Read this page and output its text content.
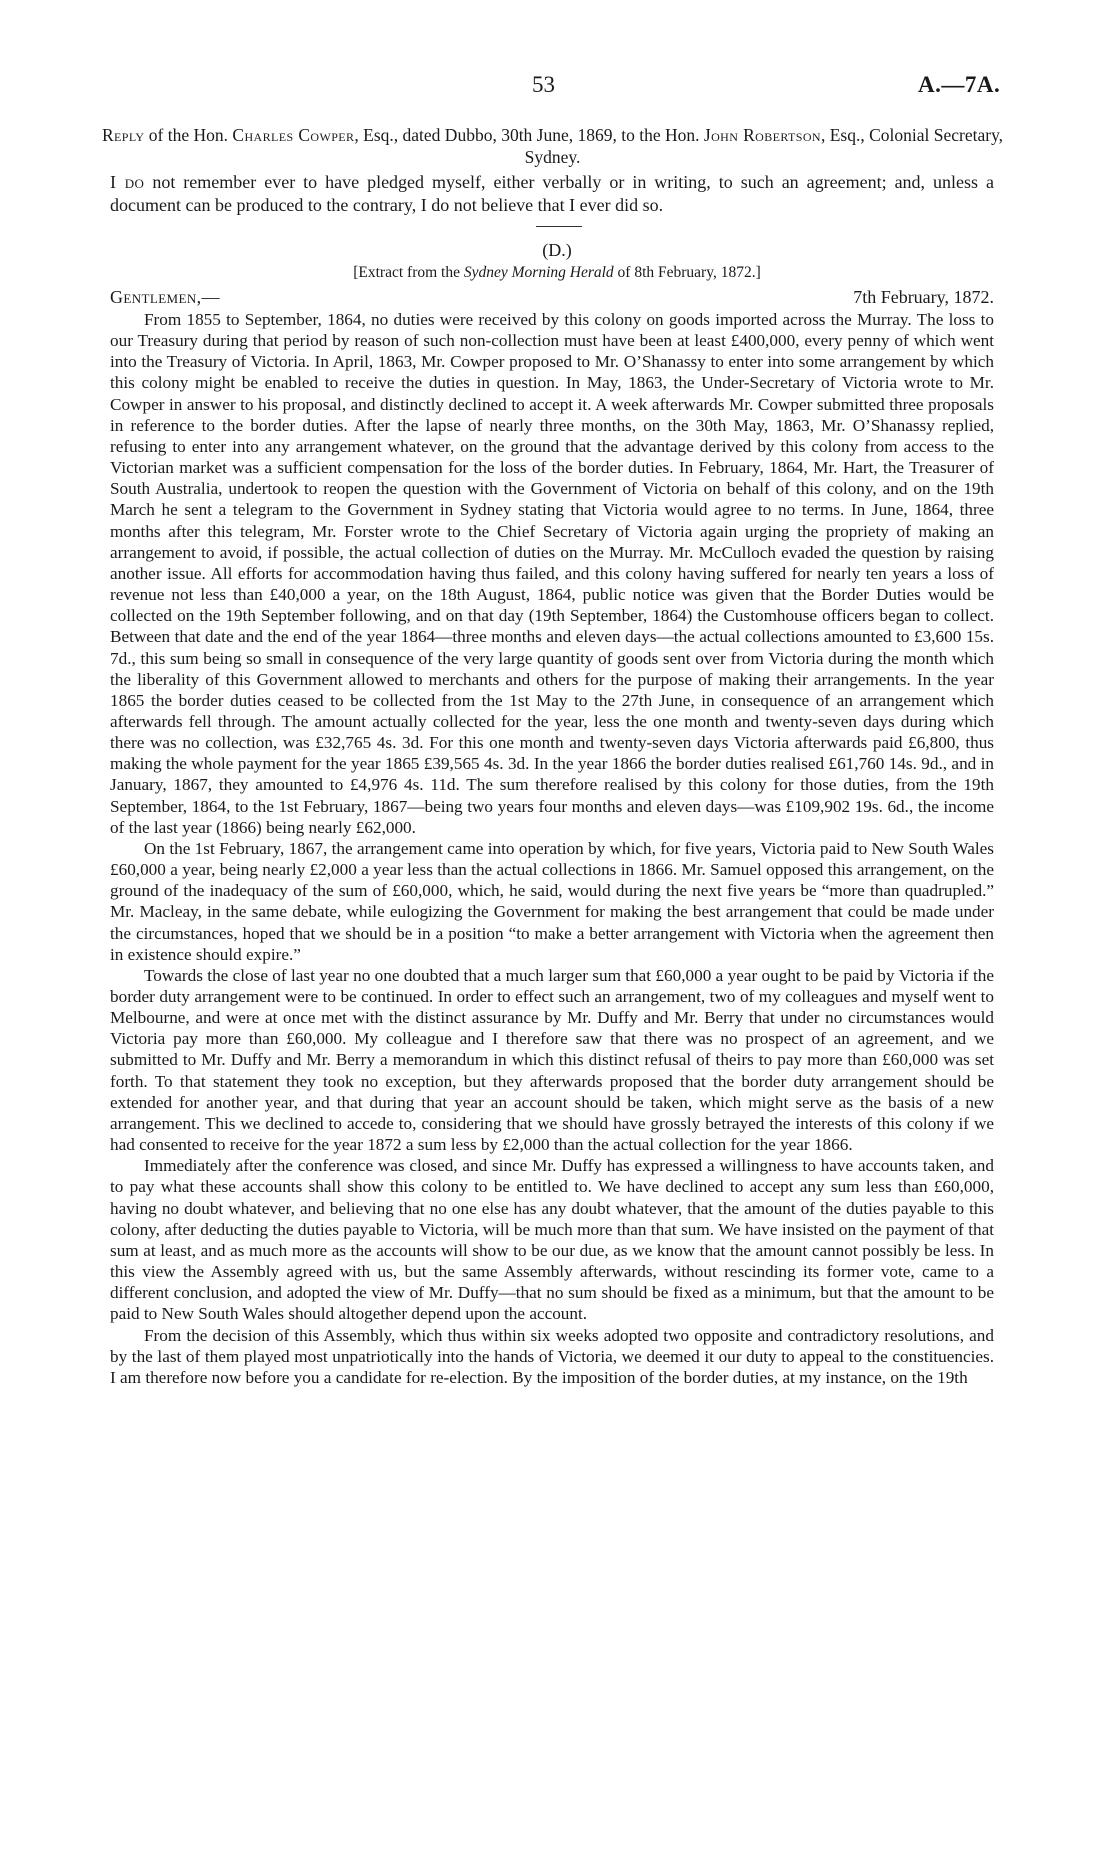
53	A.—7A.
Reply of the Hon. Charles Cowper, Esq., dated Dubbo, 30th June, 1869, to the Hon. John Robertson, Esq., Colonial Secretary, Sydney.
I do not remember ever to have pledged myself, either verbally or in writing, to such an agreement; and, unless a document can be produced to the contrary, I do not believe that I ever did so.
(D.)
[Extract from the Sydney Morning Herald of 8th February, 1872.]
Gentlemen,—	7th February, 1872.

From 1855 to September, 1864, no duties were received by this colony on goods imported across the Murray. The loss to our Treasury during that period by reason of such non-collection must have been at least £400,000, every penny of which went into the Treasury of Victoria. In April, 1863, Mr. Cowper proposed to Mr. O’Shanassy to enter into some arrangement by which this colony might be enabled to receive the duties in question. In May, 1863, the Under-Secretary of Victoria wrote to Mr. Cowper in answer to his proposal, and distinctly declined to accept it. A week afterwards Mr. Cowper submitted three proposals in reference to the border duties. After the lapse of nearly three months, on the 30th May, 1863, Mr. O’Shanassy replied, refusing to enter into any arrangement whatever, on the ground that the advantage derived by this colony from access to the Victorian market was a sufficient compensation for the loss of the border duties. In February, 1864, Mr. Hart, the Treasurer of South Australia, undertook to reopen the question with the Government of Victoria on behalf of this colony, and on the 19th March he sent a telegram to the Government in Sydney stating that Victoria would agree to no terms. In June, 1864, three months after this telegram, Mr. Forster wrote to the Chief Secretary of Victoria again urging the propriety of making an arrangement to avoid, if possible, the actual collection of duties on the Murray. Mr. McCulloch evaded the question by raising another issue. All efforts for accommodation having thus failed, and this colony having suffered for nearly ten years a loss of revenue not less than £40,000 a year, on the 18th August, 1864, public notice was given that the Border Duties would be collected on the 19th September following, and on that day (19th September, 1864) the Customhouse officers began to collect. Between that date and the end of the year 1864—three months and eleven days—the actual collections amounted to £3,600 15s. 7d., this sum being so small in consequence of the very large quantity of goods sent over from Victoria during the month which the liberality of this Government allowed to merchants and others for the purpose of making their arrangements. In the year 1865 the border duties ceased to be collected from the 1st May to the 27th June, in consequence of an arrangement which afterwards fell through. The amount actually collected for the year, less the one month and twenty-seven days during which there was no collection, was £32,765 4s. 3d. For this one month and twenty-seven days Victoria afterwards paid £6,800, thus making the whole payment for the year 1865 £39,565 4s. 3d. In the year 1866 the border duties realised £61,760 14s. 9d., and in January, 1867, they amounted to £4,976 4s. 11d. The sum therefore realised by this colony for those duties, from the 19th September, 1864, to the 1st February, 1867—being two years four months and eleven days—was £109,902 19s. 6d., the income of the last year (1866) being nearly £62,000.

On the 1st February, 1867, the arrangement came into operation by which, for five years, Victoria paid to New South Wales £60,000 a year, being nearly £2,000 a year less than the actual collections in 1866. Mr. Samuel opposed this arrangement, on the ground of the inadequacy of the sum of £60,000, which, he said, would during the next five years be “more than quadrupled.” Mr. Macleay, in the same debate, while eulogizing the Government for making the best arrangement that could be made under the circumstances, hoped that we should be in a position “to make a better arrangement with Victoria when the agreement then in existence should expire.”

Towards the close of last year no one doubted that a much larger sum that £60,000 a year ought to be paid by Victoria if the border duty arrangement were to be continued. In order to effect such an arrangement, two of my colleagues and myself went to Melbourne, and were at once met with the distinct assurance by Mr. Duffy and Mr. Berry that under no circumstances would Victoria pay more than £60,000. My colleague and I therefore saw that there was no prospect of an agreement, and we submitted to Mr. Duffy and Mr. Berry a memorandum in which this distinct refusal of theirs to pay more than £60,000 was set forth. To that statement they took no exception, but they afterwards proposed that the border duty arrangement should be extended for another year, and that during that year an account should be taken, which might serve as the basis of a new arrangement. This we declined to accede to, considering that we should have grossly betrayed the interests of this colony if we had consented to receive for the year 1872 a sum less by £2,000 than the actual collection for the year 1866.

Immediately after the conference was closed, and since Mr. Duffy has expressed a willingness to have accounts taken, and to pay what these accounts shall show this colony to be entitled to. We have declined to accept any sum less than £60,000, having no doubt whatever, and believing that no one else has any doubt whatever, that the amount of the duties payable to this colony, after deducting the duties payable to Victoria, will be much more than that sum. We have insisted on the payment of that sum at least, and as much more as the accounts will show to be our due, as we know that the amount cannot possibly be less. In this view the Assembly agreed with us, but the same Assembly afterwards, without rescinding its former vote, came to a different conclusion, and adopted the view of Mr. Duffy—that no sum should be fixed as a minimum, but that the amount to be paid to New South Wales should altogether depend upon the account.

From the decision of this Assembly, which thus within six weeks adopted two opposite and contradictory resolutions, and by the last of them played most unpatriotically into the hands of Victoria, we deemed it our duty to appeal to the constituencies. I am therefore now before you a candidate for re-election. By the imposition of the border duties, at my instance, on the 19th
